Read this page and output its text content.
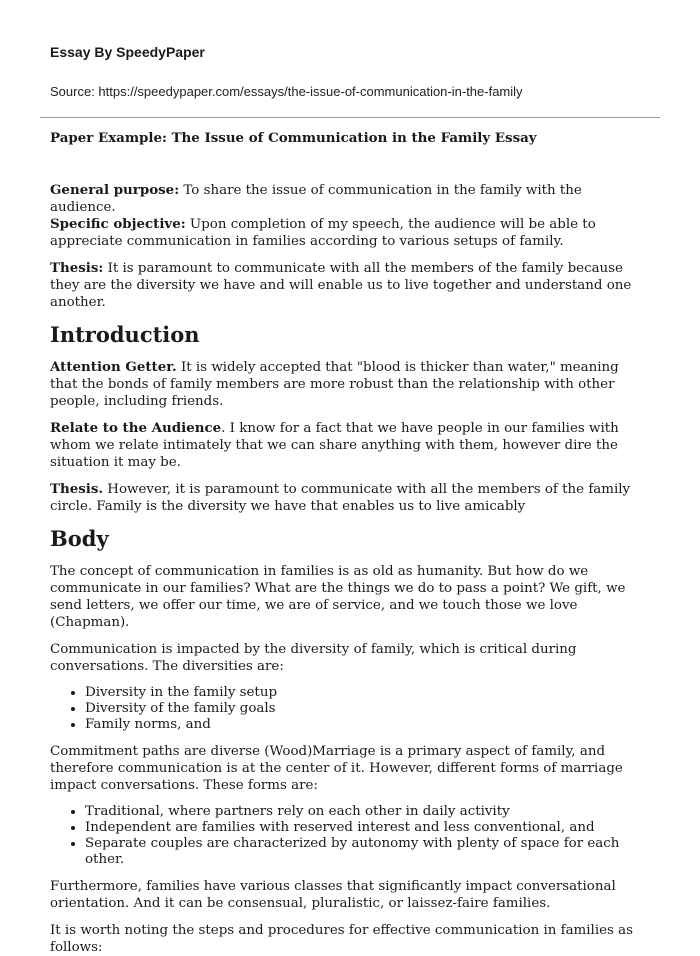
Essay By SpeedyPaper
Source: https://speedypaper.com/essays/the-issue-of-communication-in-the-family
Paper Example: The Issue of Communication in the Family Essay

General purpose: To share the issue of communication in the family with the audience.

Specific objective: Upon completion of my speech, the audience will be able to appreciate communication in families according to various setups of family.

Thesis: It is paramount to communicate with all the members of the family because they are the diversity we have and will enable us to live together and understand one another.

Introduction

Attention Getter. It is widely accepted that "blood is thicker than water," meaning that the bonds of family members are more robust than the relationship with other people, including friends.

Relate to the Audience. I know for a fact that we have people in our families with whom we relate intimately that we can share anything with them, however dire the situation it may be.

Thesis. However, it is paramount to communicate with all the members of the family circle. Family is the diversity we have that enables us to live amicably

Body

The concept of communication in families is as old as humanity. But how do we communicate in our families? What are the things we do to pass a point? We gift, we send letters, we offer our time, we are of service, and we touch those we love (Chapman).

Communication is impacted by the diversity of family, which is critical during conversations. The diversities are:

• Diversity in the family setup
• Diversity of the family goals
• Family norms, and

Commitment paths are diverse (Wood)Marriage is a primary aspect of family, and therefore communication is at the center of it. However, different forms of marriage impact conversations. These forms are:

• Traditional, where partners rely on each other in daily activity
• Independent are families with reserved interest and less conventional, and
• Separate couples are characterized by autonomy with plenty of space for each other.

Furthermore, families have various classes that significantly impact conversational orientation. And it can be consensual, pluralistic, or laissez-faire families.

It is worth noting the steps and procedures for effective communication in families as follows:
